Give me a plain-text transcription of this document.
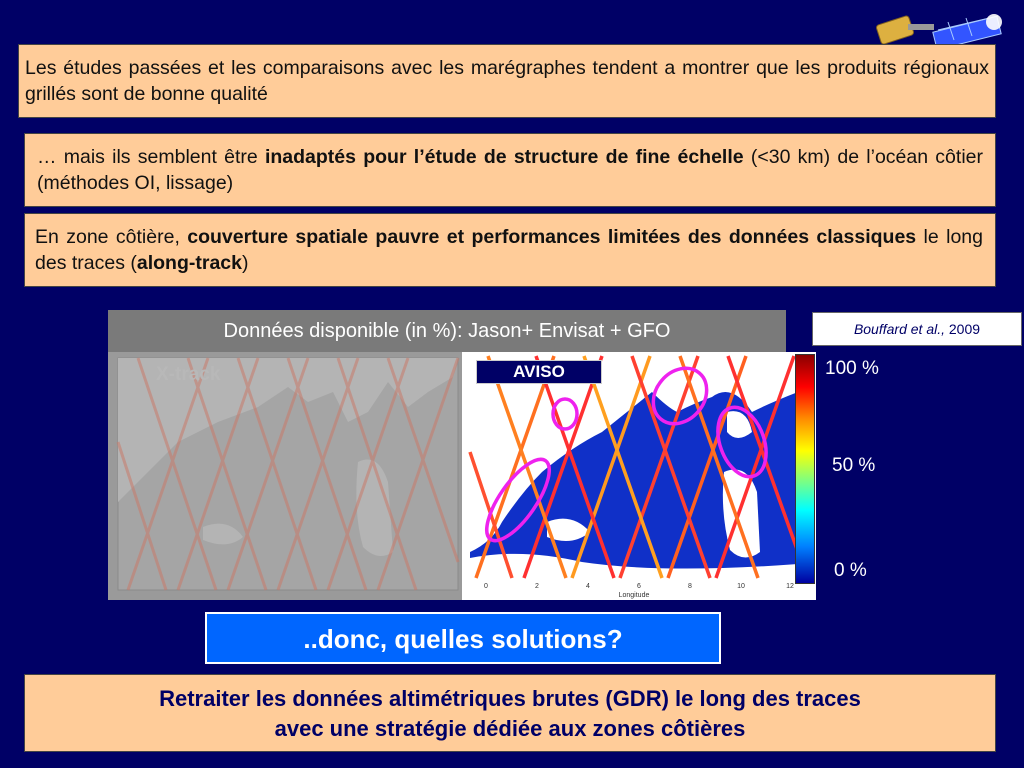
Les études passées et les comparaisons avec les marégraphes tendent a montrer que les produits régionaux grillés sont de bonne qualité
… mais ils semblent être inadaptés pour l’étude de structure de fine échelle (<30 km) de l’océan côtier (méthodes OI, lissage)
En zone côtière, couverture spatiale pauvre et performances limitées des données classiques le long des traces (along-track)
Données disponible (in %): Jason+ Envisat + GFO
X-track
0	2	4	6	8	10	12
Longitude
AVISO	100 %
50 %
0 %
Bouffard et al., 2009
..donc, quelles solutions?
Retraiter les données altimétriques brutes (GDR) le long des traces
avec une stratégie dédiée aux zones côtières
